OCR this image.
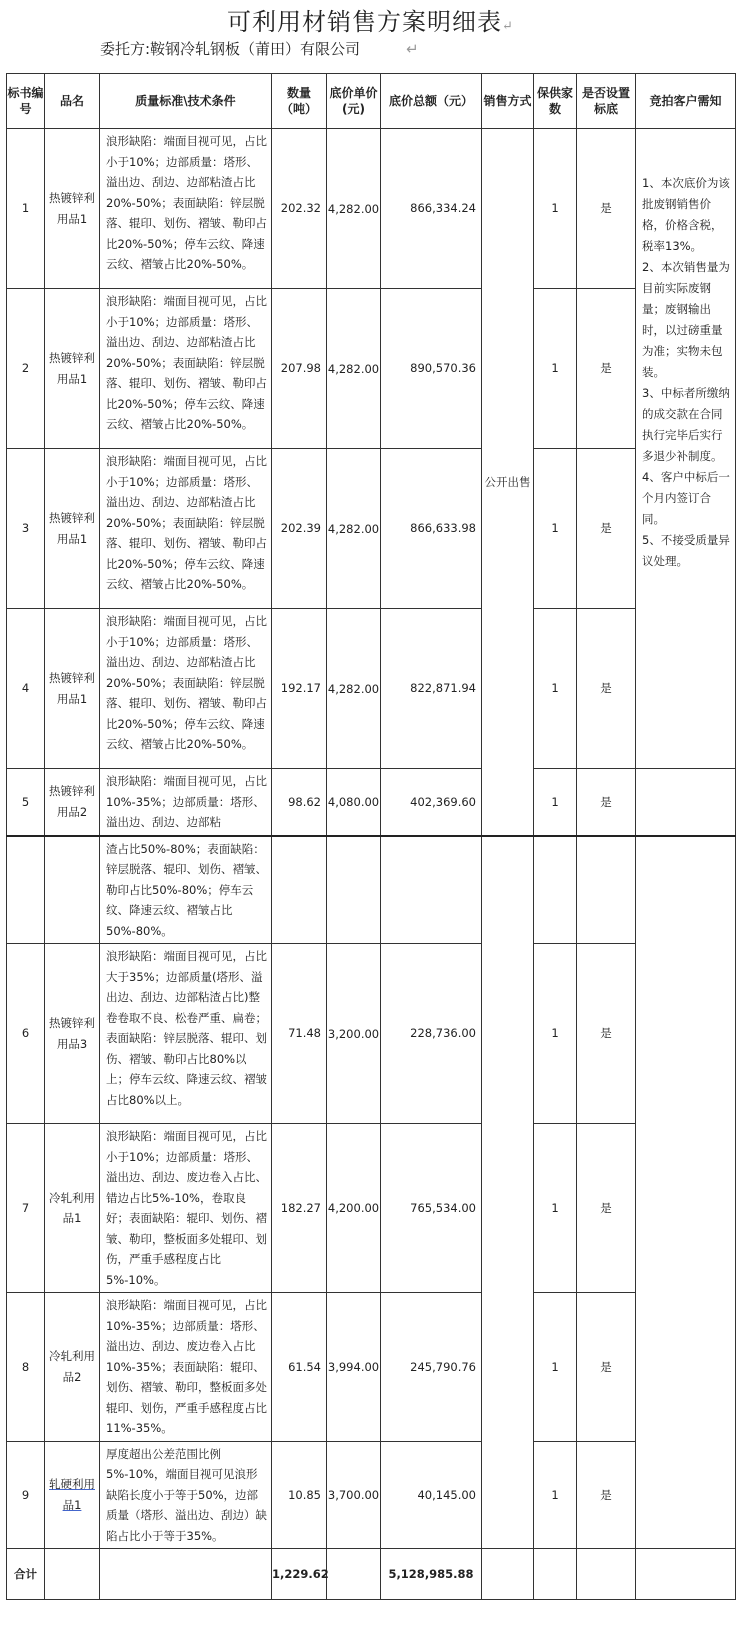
可利用材销售方案明细表↵
委托方:鞍钢冷轧钢板（莆田）有限公司	↵
标书编号	品名	质量标准\技术条件	数量（吨）	底价单价(元)	底价总额（元）	销售方式	保供家数	是否设置标底	竞拍客户需知
1	热镀锌利用品1	浪形缺陷：端面目视可见，占比小于10%；边部质量：塔形、溢出边、刮边、边部粘渣占比20%-50%；表面缺陷：锌层脱落、辊印、划伤、褶皱、勒印占比20%-50%；停车云纹、降速云纹、褶皱占比20%-50%。	202.32	4,282.00	866,334.24	公开出售	1	是	1、本次底价为该批废钢销售价格，价格含税，税率13%。
2、本次销售量为目前实际废钢量；废钢输出时，以过磅重量为准；实物未包装。
3、中标者所缴纳的成交款在合同执行完毕后实行多退少补制度。
4、客户中标后一个月内签订合同。
5、不接受质量异议处理。
2	热镀锌利用品1	浪形缺陷：端面目视可见，占比小于10%；边部质量：塔形、溢出边、刮边、边部粘渣占比20%-50%；表面缺陷：锌层脱落、辊印、划伤、褶皱、勒印占比20%-50%；停车云纹、降速云纹、褶皱占比20%-50%。	207.98	4,282.00	890,570.36		1	是	
3	热镀锌利用品1	浪形缺陷：端面目视可见，占比小于10%；边部质量：塔形、溢出边、刮边、边部粘渣占比20%-50%；表面缺陷：锌层脱落、辊印、划伤、褶皱、勒印占比20%-50%；停车云纹、降速云纹、褶皱占比20%-50%。	202.39	4,282.00	866,633.98		1	是	
4	热镀锌利用品1	浪形缺陷：端面目视可见，占比小于10%；边部质量：塔形、溢出边、刮边、边部粘渣占比20%-50%；表面缺陷：锌层脱落、辊印、划伤、褶皱、勒印占比20%-50%；停车云纹、降速云纹、褶皱占比20%-50%。	192.17	4,282.00	822,871.94		1	是	
5	热镀锌利用品2	浪形缺陷：端面目视可见，占比10%-35%；边部质量：塔形、溢出边、刮边、边部粘	98.62	4,080.00	402,369.60		1	是	
		渣占比50%-80%；表面缺陷：锌层脱落、辊印、划伤、褶皱、勒印占比50%-80%；停车云纹、降速云纹、褶皱占比50%-80%。							
6	热镀锌利用品3	浪形缺陷：端面目视可见，占比大于35%；边部质量(塔形、溢出边、刮边、边部粘渣占比)整卷卷取不良、松卷严重、扁卷；表面缺陷：锌层脱落、辊印、划伤、褶皱、勒印占比80%以上；停车云纹、降速云纹、褶皱占比80%以上。	71.48	3,200.00	228,736.00		1	是	
7	冷轧利用品1	浪形缺陷：端面目视可见，占比小于10%；边部质量：塔形、溢出边、刮边、废边卷入占比、错边占比5%-10%，卷取良好；表面缺陷：辊印、划伤、褶皱、勒印，整板面多处辊印、划伤，严重手感程度占比5%-10%。	182.27	4,200.00	765,534.00		1	是	
8	冷轧利用品2	浪形缺陷：端面目视可见，占比10%-35%；边部质量：塔形、溢出边、刮边、废边卷入占比10%-35%；表面缺陷：辊印、划伤、褶皱、勒印，整板面多处辊印、划伤，严重手感程度占比11%-35%。	61.54	3,994.00	245,790.76		1	是	
9	轧硬利用品1	厚度超出公差范围比例5%-10%，端面目视可见浪形缺陷长度小于等于50%，边部质量（塔形、溢出边、刮边）缺陷占比小于等于35%。	10.85	3,700.00	40,145.00		1	是	
合计			1,229.62		5,128,985.88				
